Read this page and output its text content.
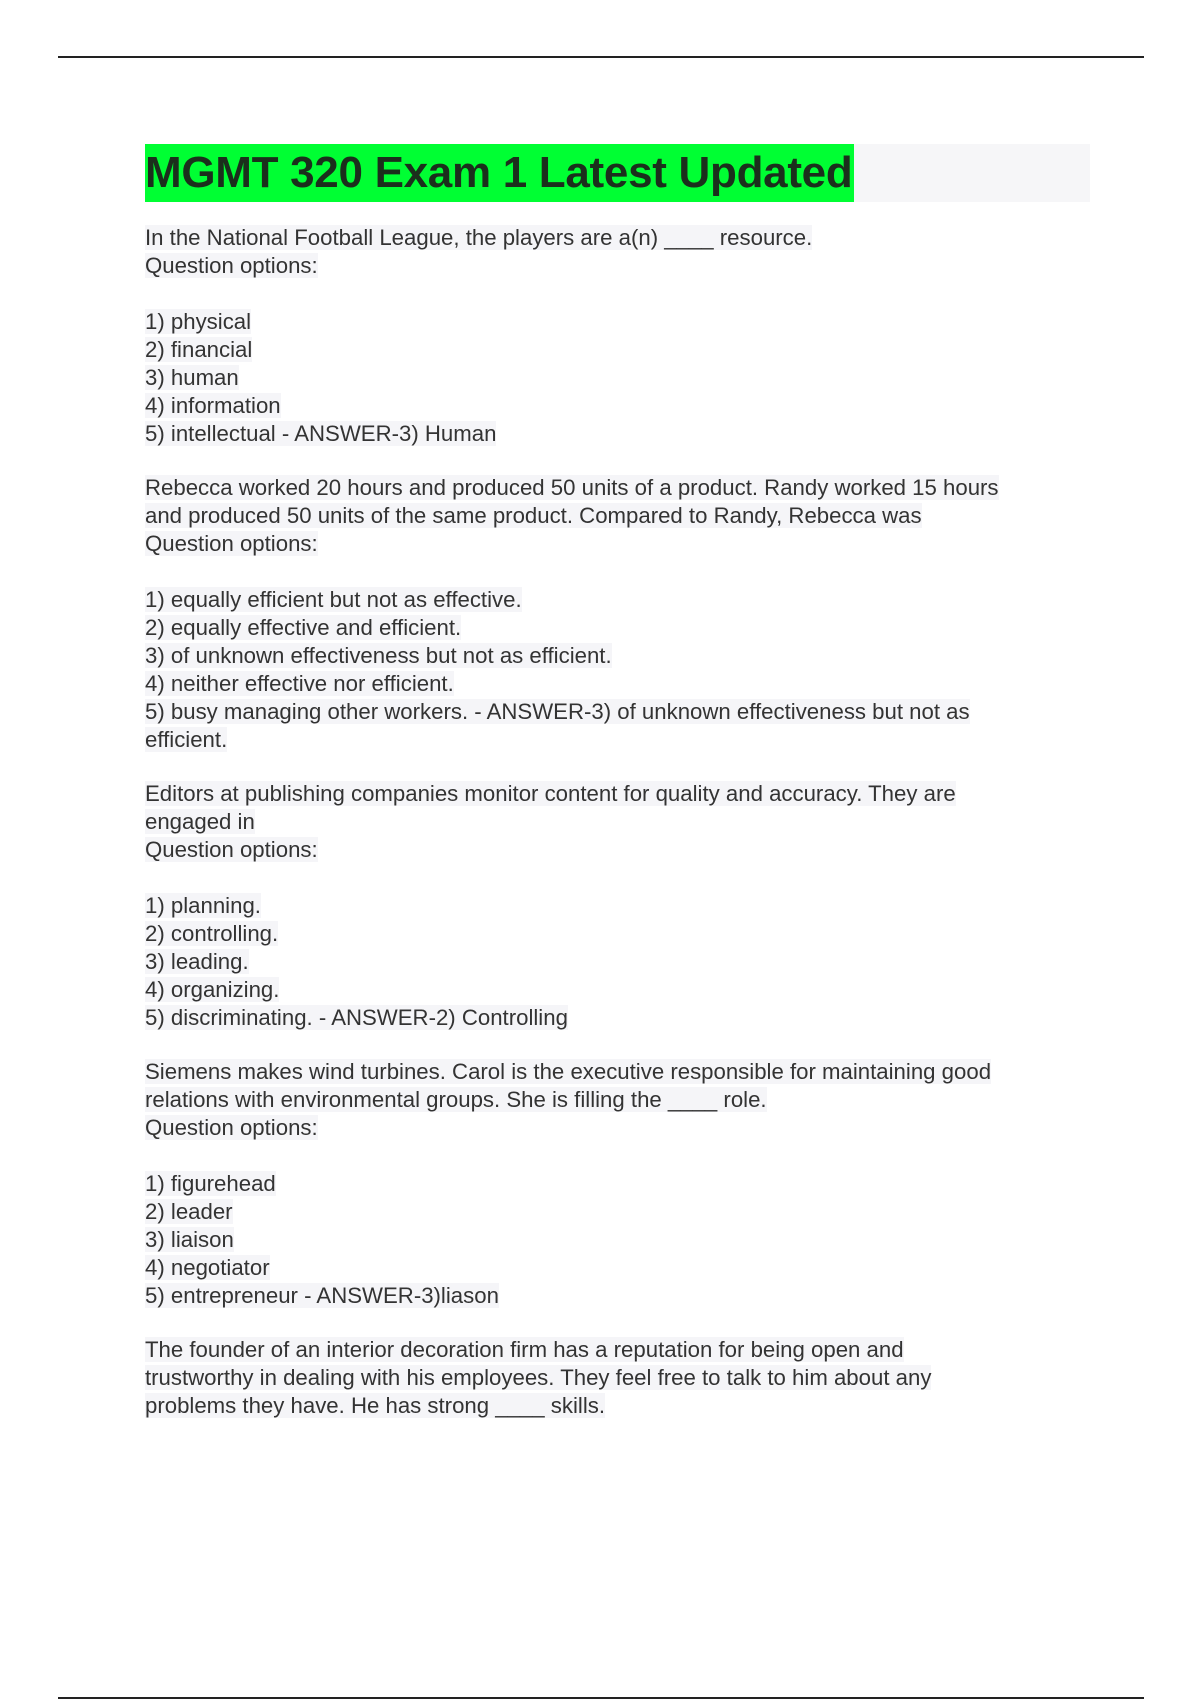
MGMT 320 Exam 1 Latest Updated
In the National Football League, the players are a(n) ____ resource.
Question options:
1) physical
2) financial
3) human
4) information
5) intellectual - ANSWER-3) Human
Rebecca worked 20 hours and produced 50 units of a product. Randy worked 15 hours
and produced 50 units of the same product. Compared to Randy, Rebecca was
Question options:
1) equally efficient but not as effective.
2) equally effective and efficient.
3) of unknown effectiveness but not as efficient.
4) neither effective nor efficient.
5) busy managing other workers. - ANSWER-3) of unknown effectiveness but not as
efficient.
Editors at publishing companies monitor content for quality and accuracy. They are
engaged in
Question options:
1) planning.
2) controlling.
3) leading.
4) organizing.
5) discriminating. - ANSWER-2) Controlling
Siemens makes wind turbines. Carol is the executive responsible for maintaining good
relations with environmental groups. She is filling the ____ role.
Question options:
1) figurehead
2) leader
3) liaison
4) negotiator
5) entrepreneur - ANSWER-3)liason
The founder of an interior decoration firm has a reputation for being open and
trustworthy in dealing with his employees. They feel free to talk to him about any
problems they have. He has strong ____ skills.
